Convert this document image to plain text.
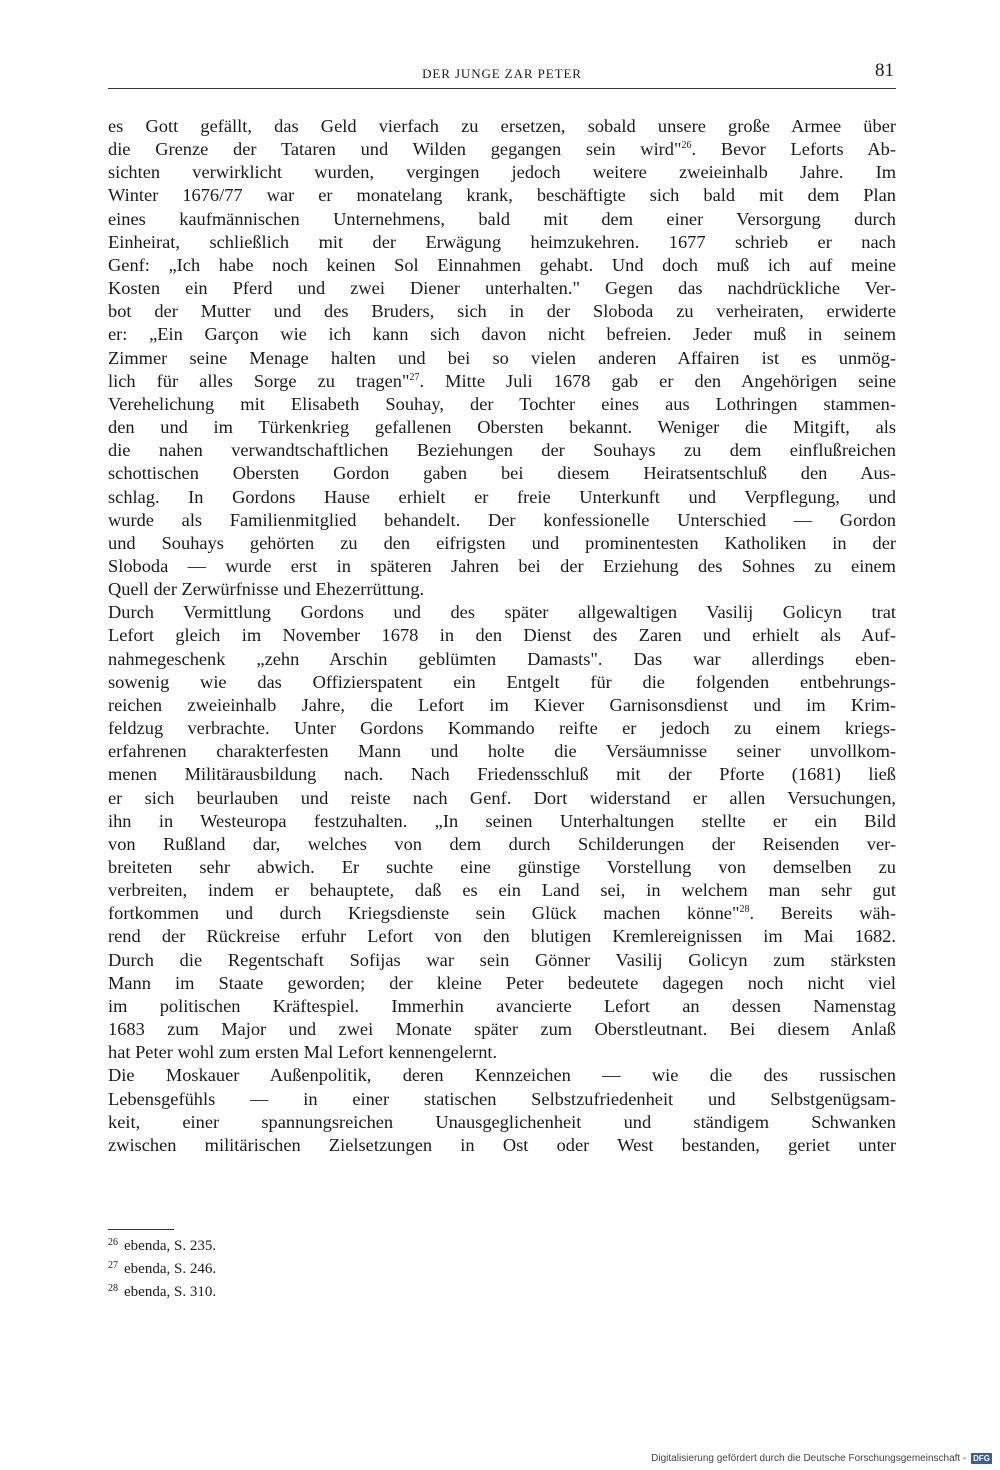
DER JUNGE ZAR PETER	81

es Gott gefällt, das Geld vierfach zu ersetzen, sobald unsere große Armee über
die Grenze der Tataren und Wilden gegangen sein wird"$^{26}$. Bevor Leforts Ab-
sichten verwirklicht wurden, vergingen jedoch weitere zweieinhalb Jahre. Im
Winter 1676/77 war er monatelang krank, beschäftigte sich bald mit dem Plan
eines kaufmännischen Unternehmens, bald mit dem einer Versorgung durch
Einheirat, schließlich mit der Erwägung heimzukehren. 1677 schrieb er nach
Genf: „Ich habe noch keinen Sol Einnahmen gehabt. Und doch muß ich auf meine
Kosten ein Pferd und zwei Diener unterhalten." Gegen das nachdrückliche Ver-
bot der Mutter und des Bruders, sich in der Sloboda zu verheiraten, erwiderte
er: „Ein Garçon wie ich kann sich davon nicht befreien. Jeder muß in seinem
Zimmer seine Menage halten und bei so vielen anderen Affairen ist es unmög-
lich für alles Sorge zu tragen"$^{27}$. Mitte Juli 1678 gab er den Angehörigen seine
Verehelichung mit Elisabeth Souhay, der Tochter eines aus Lothringen stammen-
den und im Türkenkrieg gefallenen Obersten bekannt. Weniger die Mitgift, als
die nahen verwandtschaftlichen Beziehungen der Souhays zu dem einflußreichen
schottischen Obersten Gordon gaben bei diesem Heiratsentschluß den Aus-
schlag. In Gordons Hause erhielt er freie Unterkunft und Verpflegung, und
wurde als Familienmitglied behandelt. Der konfessionelle Unterschied — Gordon
und Souhays gehörten zu den eifrigsten und prominentesten Katholiken in der
Sloboda — wurde erst in späteren Jahren bei der Erziehung des Sohnes zu einem
Quell der Zerwürfnisse und Ehezerrüttung.

Durch Vermittlung Gordons und des später allgewaltigen Vasilij Golicyn trat
Lefort gleich im November 1678 in den Dienst des Zaren und erhielt als Auf-
nahmegeschenk „zehn Arschin geblümten Damasts". Das war allerdings eben-
sowenig wie das Offizierspatent ein Entgelt für die folgenden entbehrungs-
reichen zweieinhalb Jahre, die Lefort im Kiever Garnisonsdienst und im Krim-
feldzug verbrachte. Unter Gordons Kommando reifte er jedoch zu einem kriegs-
erfahrenen charakterfesten Mann und holte die Versäumnisse seiner unvollkom-
menen Militärausbildung nach. Nach Friedensschluß mit der Pforte (1681) ließ
er sich beurlauben und reiste nach Genf. Dort widerstand er allen Versuchungen,
ihn in Westeuropa festzuhalten. „In seinen Unterhaltungen stellte er ein Bild
von Rußland dar, welches von dem durch Schilderungen der Reisenden ver-
breiteten sehr abwich. Er suchte eine günstige Vorstellung von demselben zu
verbreiten, indem er behauptete, daß es ein Land sei, in welchem man sehr gut
fortkommen und durch Kriegsdienste sein Glück machen könne"$^{28}$. Bereits wäh-
rend der Rückreise erfuhr Lefort von den blutigen Kremlereignissen im Mai 1682.
Durch die Regentschaft Sofijas war sein Gönner Vasilij Golicyn zum stärksten
Mann im Staate geworden; der kleine Peter bedeutete dagegen noch nicht viel
im politischen Kräftespiel. Immerhin avancierte Lefort an dessen Namenstag
1683 zum Major und zwei Monate später zum Oberstleutnant. Bei diesem Anlaß
hat Peter wohl zum ersten Mal Lefort kennengelernt.

Die Moskauer Außenpolitik, deren Kennzeichen — wie die des russischen
Lebensgefühls — in einer statischen Selbstzufriedenheit und Selbstgenügsam-
keit, einer spannungsreichen Unausgeglichenheit und ständigem Schwanken
zwischen militärischen Zielsetzungen in Ost oder West bestanden, geriet unter

$^{26}$ ebenda, S. 235.
$^{27}$ ebenda, S. 246.
$^{28}$ ebenda, S. 310.
Digitalisierung gefördert durch die Deutsche Forschungsgemeinschaft - DFG
